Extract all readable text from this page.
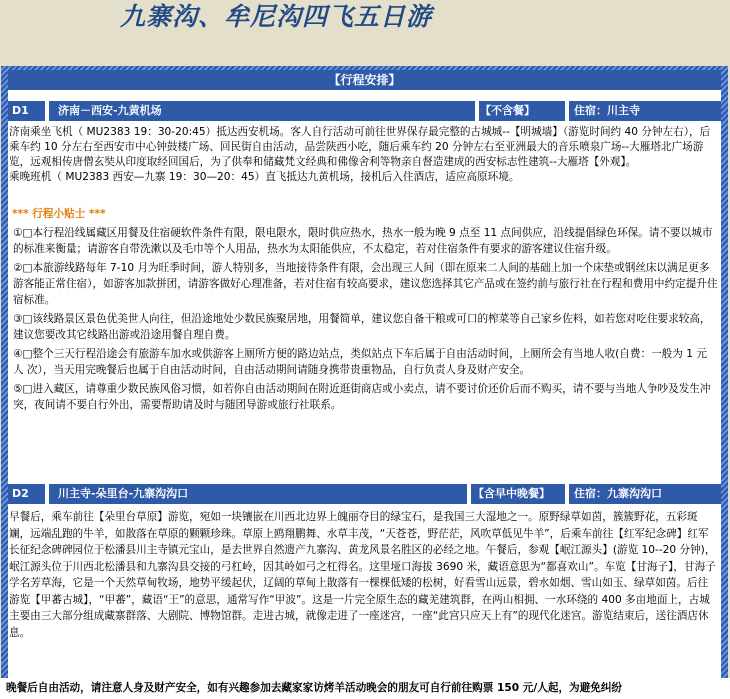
九寨沟、牟尼沟四飞五日游
【行程安排】
D1	济南－西安-九黄机场	【不含餐】	住宿：川主寺

济南乘坐飞机（ MU2383 19：30-20:45）抵达西安机场。客人自行活动可前往世界保存最完整的古城城--【明城墙】（游览时间约 40 分钟左右），后乘车约 10 分左右至西安市中心钟鼓楼广场、回民街自由活动，品尝陕西小吃，随后乘车约 20 分钟左右至亚洲最大的音乐喷泉广场--大雁塔北广场游览，远观相传唐僧玄奘从印度取经回国后，为了供奉和储藏梵文经典和佛像舍利等物亲自督造建成的西安标志性建筑--大雁塔【外观】。

乘晚班机（ MU2383 西安—九寨 19：30—20：45）直飞抵达九黄机场，接机后入住酒店，适应高原环境。

*** 行程小贴士 ***

①□本行程沿线属藏区用餐及住宿硬软件条件有限，限电限水，限时供应热水，热水一般为晚 9 点至 11 点间供应，沿线提倡绿色环保。请不要以城市的标准来衡量；请游客自带洗漱以及毛巾等个人用品，热水为太阳能供应，不太稳定，若对住宿条件有要求的游客建议住宿升级。

②□本旅游线路每年 7-10 月为旺季时间，游人特别多，当地接待条件有限，会出现三人间（即在原来二人间的基础上加一个床垫或钢丝床以满足更多游客能正常住宿），如游客加款拼团，请游客做好心理准备，若对住宿有较高要求，建议您选择其它产品或在签约前与旅行社在行程和费用中约定提升住宿标准。

③□该线路景区景色优美世人向往，但沿途地处少数民族聚居地，用餐简单，建议您自备干粮或可口的榨菜等自己家乡佐料，如若您对吃住要求较高，建议您要改其它线路出游或沿途用餐自理自费。

④□整个三天行程沿途会有旅游车加水或供游客上厕所方便的路边站点，类似站点下车后属于自由活动时间，上厕所会有当地人收(自费：一般为 1 元 人 次），当天用完晚餐后也属于自由活动时间，自由活动期间请随身携带贵重物品，自行负责人身及财产安全。

⑤□进入藏区，请尊重少数民族风俗习惯，如若你自由活动期间在附近逛街商店或小卖点，请不要讨价还价后而不购买，请不要与当地人争吵及发生冲突，夜间请不要自行外出，需要帮助请及时与随团导游或旅行社联系。

D2	川主寺-朵里台-九寨沟沟口	【含早中晚餐】 住宿：九寨沟沟口

早餐后，乘车前往【朵里台草原】游览，宛如一块镶嵌在川西北边界上魄丽夺目的绿宝石，是我国三大湿地之一。原野绿草如茵，簇簇野花，五彩斑斓，远端乱跑的牛羊，如散落在草原的颗颗珍珠。草原上鸥翔鹏舞、水草丰茂，“天苍苍，野茫茫，风吹草低见牛羊”，后乘车前往【红军纪念碑】红军长征纪念碑碑园位于松潘县川主寺镇元宝山，是去世界自然遗产九寨沟、黄龙风景名胜区的必经之地。午餐后，参观【岷江源头】(游览 10--20 分钟)，岷江源头位于川西北松潘县和九寨沟县交接的弓杠岭，因其岭如弓之杠得名。这里垭口海拔 3690 米，藏语意思为“都喜欢山”。车览【甘海子】，甘海子学名芳草海，它是一个天然草甸牧场，地势平缓起伏，辽阔的草甸上散落有一棵棵低矮的松树，好看雪山远景，碧水如烟、雪山如玉、绿草如茵。后往游览【甲蕃古城】，“甲蕃”，藏语“王”的意思，通常写作“甲波”。这是一片完全原生态的藏羌建筑群，在两山相拥、一水环绕的 400 多亩地面上，古城主要由三大部分组成藏寨群落、大剧院、博物馆群。走进古城，就像走进了一座迷宫，一座“此宫只应天上有”的现代化迷宫。游览结束后，送往酒店休息。

晚餐后自由活动，请注意人身及财产安全，如有兴趣参加去藏家家访烤羊活动晚会的朋友可自行前往购票 150 元/人起，为避免纠纷
